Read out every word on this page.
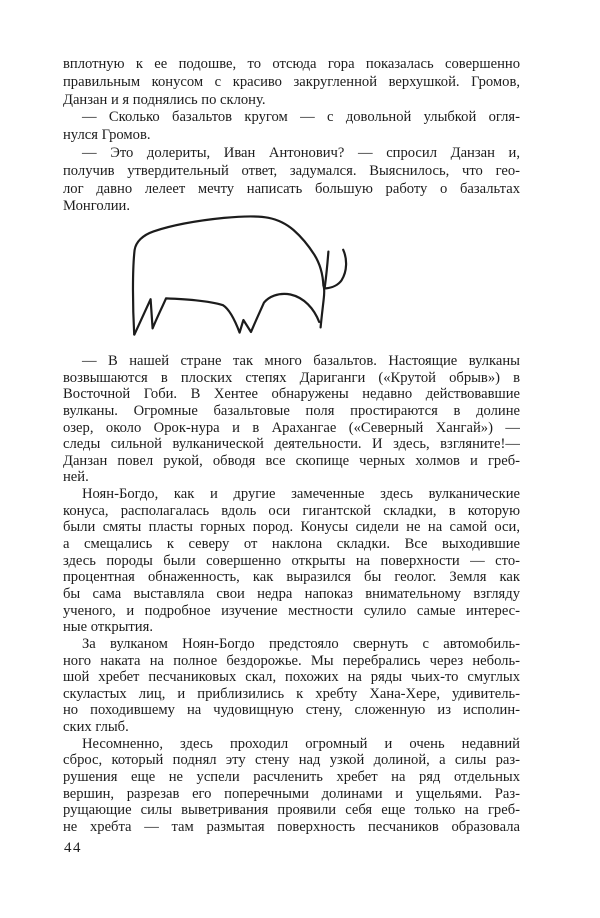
вплотную к ее подошве, то отсюда гора показалась совершенно
правильным конусом с красиво закругленной верхушкой. Громов,
Данзан и я поднялись по склону.
— Сколько базальтов кругом — с довольной улыбкой огля-
нулся Громов.
— Это долериты, Иван Антонович? — спросил Данзан и,
получив утвердительный ответ, задумался. Выяснилось, что гео-
лог давно лелеет мечту написать большую работу о базальтах
Монголии.
— В нашей стране так много базальтов. Настоящие вулканы
возвышаются в плоских степях Дариганги («Крутой обрыв») в
Восточной Гоби. В Хентее обнаружены недавно действовавшие
вулканы. Огромные базальтовые поля простираются в долине
озер, около Орок-нура и в Арахангае («Северный Хангай») —
следы сильной вулканической деятельности. И здесь, взгляните!—
Данзан повел рукой, обводя все скопище черных холмов и греб-
ней.
Ноян-Богдо, как и другие замеченные здесь вулканические
конуса, располагалась вдоль оси гигантской складки, в которую
были смяты пласты горных пород. Конусы сидели не на самой оси,
а смещались к северу от наклона складки. Все выходившие
здесь породы были совершенно открыты на поверхности — сто-
процентная обнаженность, как выразился бы геолог. Земля как
бы сама выставляла свои недра напоказ внимательному взгляду
ученого, и подробное изучение местности сулило самые интерес-
ные открытия.
За вулканом Ноян-Богдо предстояло свернуть с автомобиль-
ного наката на полное бездорожье. Мы перебрались через неболь-
шой хребет песчаниковых скал, похожих на ряды чьих-то смуглых
скуластых лиц, и приблизились к хребту Хана-Хере, удивитель-
но походившему на чудовищную стену, сложенную из исполин-
ских глыб.
Несомненно, здесь проходил огромный и очень недавний
сброс, который поднял эту стену над узкой долиной, а силы раз-
рушения еще не успели расчленить хребет на ряд отдельных
вершин, разрезав его поперечными долинами и ущельями. Раз-
рущающие силы выветривания проявили себя еще только на греб-
не хребта — там размытая поверхность песчаников образовала
44
